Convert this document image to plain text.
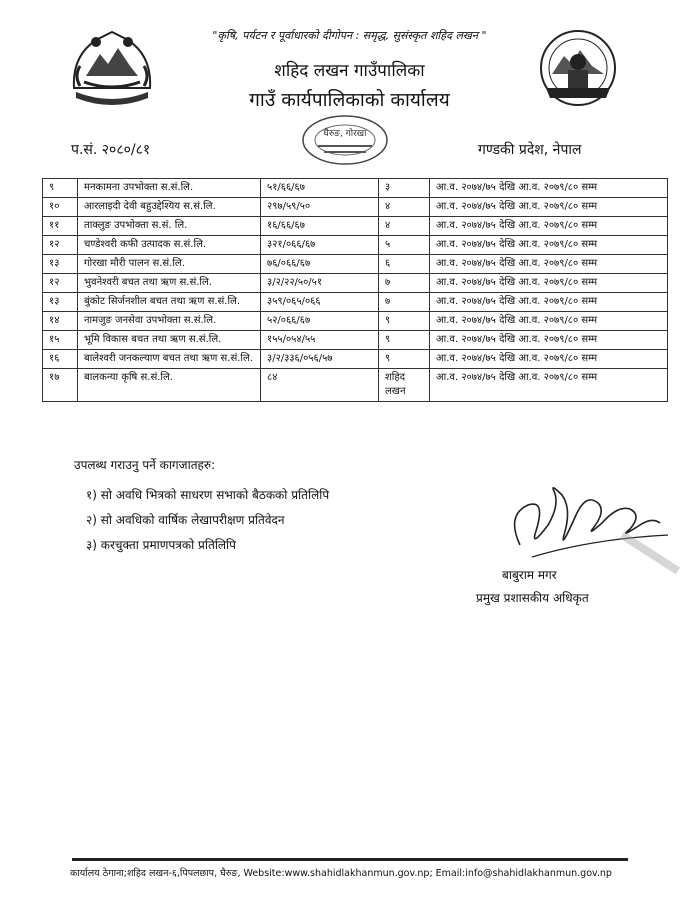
"कृषि, पर्यटन र पूर्वाधारको दीगोपन : समृद्ध, सुसंस्कृत शहिद लखन "
शहिद लखन गाउँपालिका
गाउँ कार्यपालिकाको कार्यालय
घैरुङ, गोरखा
प.सं. २०८०/८१	गण्डकी प्रदेश, नेपाल
९	मनकामना उपभोक्ता स.सं.लि.	५१/६६/६७	३	आ.व. २०७४/७५ देखि आ.व. २०७९/८० सम्म
१०	आरलाइदी देवी बहुउद्देश्यिय स.सं.लि.	२९७/५९/५०	४	आ.व. २०७४/७५ देखि आ.व. २०७९/८० सम्म
११	ताक्लुङ उपभोक्ता स.सं. लि.	१६/६६/६७	४	आ.व. २०७४/७५ देखि आ.व. २०७९/८० सम्म
१२	चण्डेश्वरी कफी उत्पादक स.सं.लि.	३२१/०६६/६७	५	आ.व. २०७४/७५ देखि आ.व. २०७९/८० सम्म
१३	गोरखा मौरी पालन स.सं.लि.	७६/०६६/६७	६	आ.व. २०७४/७५ देखि आ.व. २०७९/८० सम्म
१२	भुवनेश्वरी बचत तथा ऋण स.सं.लि.	३/२/२२/५०/५१	७	आ.व. २०७४/७५ देखि आ.व. २०७९/८० सम्म
१३	बुंकोट सिर्जनशील बचत तथा ऋण स.सं.लि.	३५९/०६५/०६६	७	आ.व. २०७४/७५ देखि आ.व. २०७९/८० सम्म
१४	नामजुङ जनसेवा उपभोक्ता स.सं.लि.	५२/०६६/६७	९	आ.व. २०७४/७५ देखि आ.व. २०७९/८० सम्म
१५	भूमि विकास बचत तथा ऋण स.सं.लि.	१५५/०५४/५५	९	आ.व. २०७४/७५ देखि आ.व. २०७९/८० सम्म
१६	बालेश्वरी जनकल्याण बचत तथा ऋण स.सं.लि.	३/२/३३६/०५६/५७	९	आ.व. २०७४/७५ देखि आ.व. २०७९/८० सम्म
१७	बालकन्या कृषि स.सं.लि.	८४	शहिद लखन	आ.व. २०७४/७५ देखि आ.व. २०७९/८० सम्म
उपलब्ध गराउनु पर्ने कागजातहरु:
१) सो अवधि भित्रको साधरण सभाको बैठकको प्रतिलिपि
२) सो अवधिको वार्षिक लेखापरीक्षण प्रतिवेदन
३) करचुक्ता प्रमाणपत्रको प्रतिलिपि
बाबुराम मगर
प्रमुख प्रशासकीय अधिकृत
कार्यालय ठेगाना;शहिद लखन-६,पिपलछाप, घैरुङ, Website:www.shahidlakhanmun.gov.np; Email:info@shahidlakhanmun.gov.np
